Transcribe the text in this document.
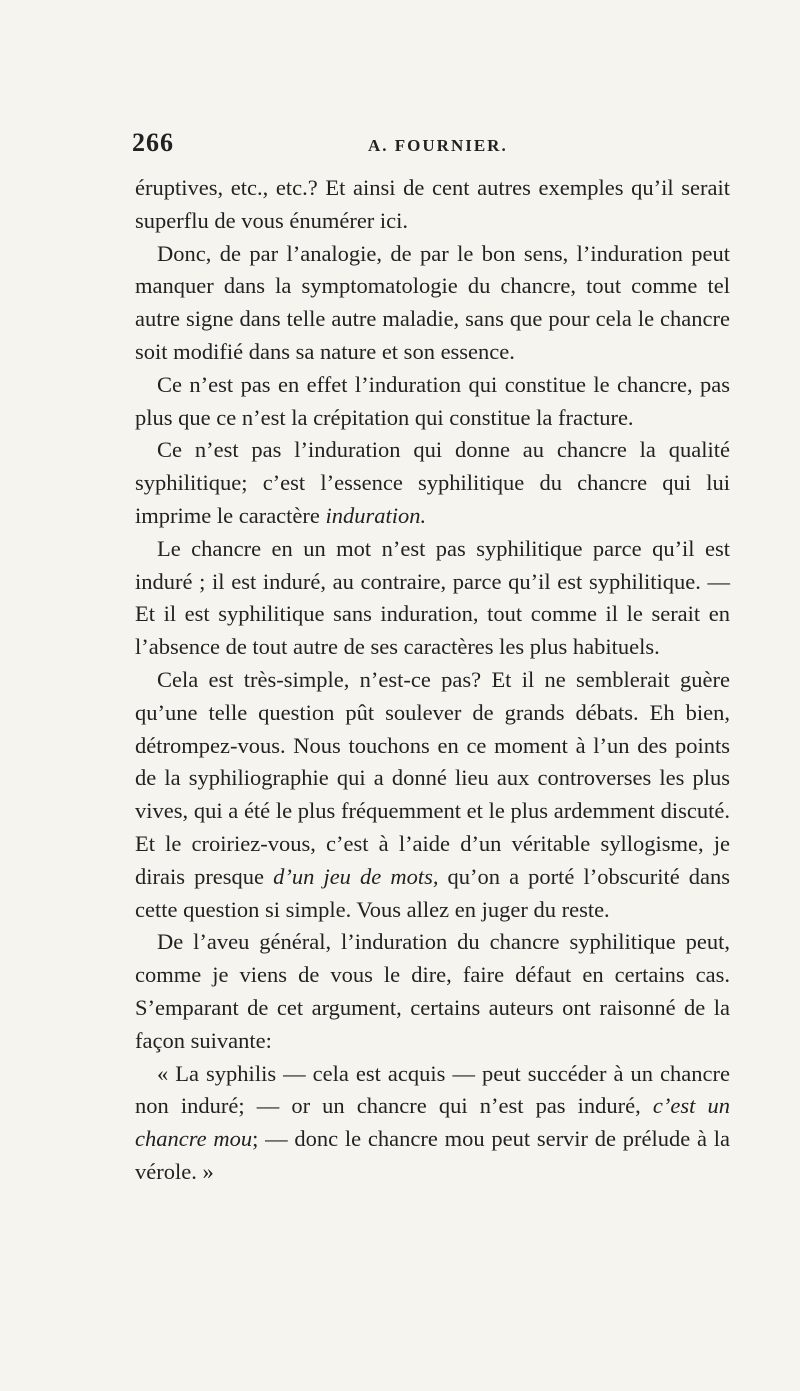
266	A. FOURNIER.

éruptives, etc., etc.? Et ainsi de cent autres exemples qu’il serait superflu de vous énumérer ici.

Donc, de par l’analogie, de par le bon sens, l’induration peut manquer dans la symptomatologie du chancre, tout comme tel autre signe dans telle autre maladie, sans que pour cela le chancre soit modifié dans sa nature et son essence.

Ce n’est pas en effet l’induration qui constitue le chancre, pas plus que ce n’est la crépitation qui constitue la fracture.

Ce n’est pas l’induration qui donne au chancre la qualité syphilitique; c’est l’essence syphilitique du chancre qui lui imprime le caractère induration.

Le chancre en un mot n’est pas syphilitique parce qu’il est induré ; il est induré, au contraire, parce qu’il est syphilitique. — Et il est syphilitique sans induration, tout comme il le serait en l’absence de tout autre de ses caractères les plus habituels.

Cela est très-simple, n’est-ce pas? Et il ne semblerait guère qu’une telle question pût soulever de grands débats. Eh bien, détrompez-vous. Nous touchons en ce moment à l’un des points de la syphiliographie qui a donné lieu aux controverses les plus vives, qui a été le plus fréquemment et le plus ardemment discuté. Et le croiriez-vous, c’est à l’aide d’un véritable syllogisme, je dirais presque d’un jeu de mots, qu’on a porté l’obscurité dans cette question si simple. Vous allez en juger du reste.

De l’aveu général, l’induration du chancre syphilitique peut, comme je viens de vous le dire, faire défaut en certains cas. S’emparant de cet argument, certains auteurs ont raisonné de la façon suivante:

« La syphilis — cela est acquis — peut succéder à un chancre non induré; — or un chancre qui n’est pas induré, c’est un chancre mou; — donc le chancre mou peut servir de prélude à la vérole. »
